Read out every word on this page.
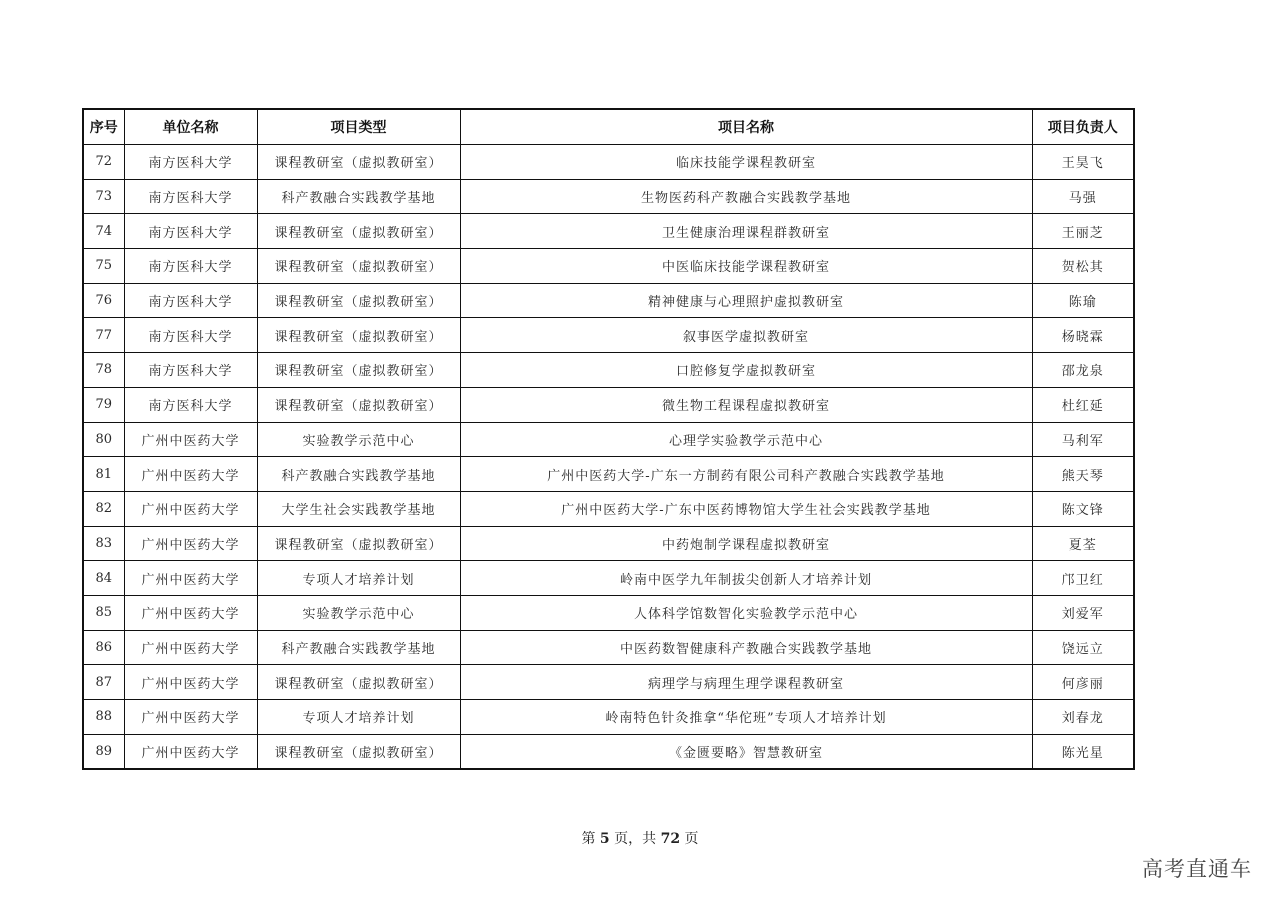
序号	单位名称	项目类型	项目名称	项目负责人
72	南方医科大学	课程教研室（虚拟教研室）	临床技能学课程教研室	王昊飞
73	南方医科大学	科产教融合实践教学基地	生物医药科产教融合实践教学基地	马强
74	南方医科大学	课程教研室（虚拟教研室）	卫生健康治理课程群教研室	王丽芝
75	南方医科大学	课程教研室（虚拟教研室）	中医临床技能学课程教研室	贺松其
76	南方医科大学	课程教研室（虚拟教研室）	精神健康与心理照护虚拟教研室	陈瑜
77	南方医科大学	课程教研室（虚拟教研室）	叙事医学虚拟教研室	杨晓霖
78	南方医科大学	课程教研室（虚拟教研室）	口腔修复学虚拟教研室	邵龙泉
79	南方医科大学	课程教研室（虚拟教研室）	微生物工程课程虚拟教研室	杜红延
80	广州中医药大学	实验教学示范中心	心理学实验教学示范中心	马利军
81	广州中医药大学	科产教融合实践教学基地	广州中医药大学-广东一方制药有限公司科产教融合实践教学基地	熊天琴
82	广州中医药大学	大学生社会实践教学基地	广州中医药大学-广东中医药博物馆大学生社会实践教学基地	陈文锋
83	广州中医药大学	课程教研室（虚拟教研室）	中药炮制学课程虚拟教研室	夏荃
84	广州中医药大学	专项人才培养计划	岭南中医学九年制拔尖创新人才培养计划	邝卫红
85	广州中医药大学	实验教学示范中心	人体科学馆数智化实验教学示范中心	刘爱军
86	广州中医药大学	科产教融合实践教学基地	中医药数智健康科产教融合实践教学基地	饶远立
87	广州中医药大学	课程教研室（虚拟教研室）	病理学与病理生理学课程教研室	何彦丽
88	广州中医药大学	专项人才培养计划	岭南特色针灸推拿“华佗班”专项人才培养计划	刘春龙
89	广州中医药大学	课程教研室（虚拟教研室）	《金匮要略》智慧教研室	陈光星
第 5 页，共 72 页
高考直通车
